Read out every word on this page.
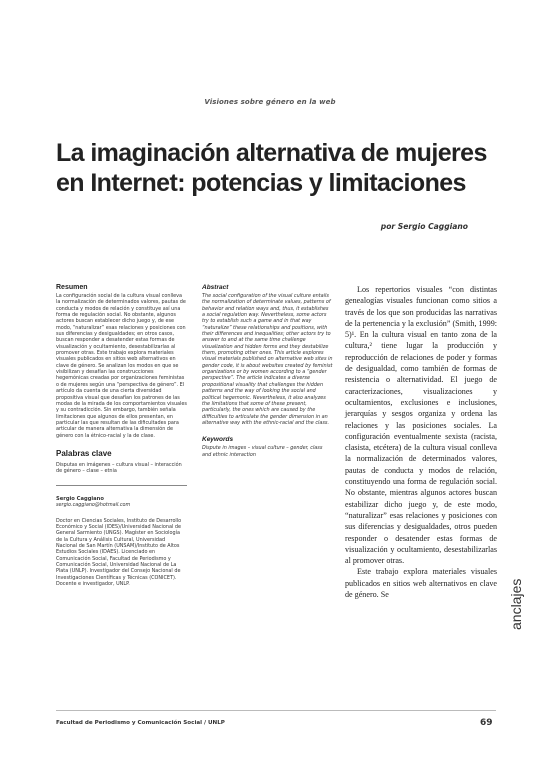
Visiones sobre género en la web
La imaginación alternativa de mujeres
en Internet: potencias y limitaciones
por Sergio Caggiano
Resumen

La configuración social de la cultura visual conlleva la normalización de determinados valores, pautas de conducta y modos de relación y constituye así una forma de regulación social. No obstante, algunos actores buscan establecer dicho juego y, de ese modo, “naturalizar” esas relaciones y posiciones con sus diferencias y desigualdades; en otros casos, buscan responder a desatender estas formas de visualización y ocultamiento, desestabilizarlas al promover otras. Este trabajo explora materiales visuales publicados en sitios web alternativos en clave de género. Se analizan los modos en que se visibilizan y desafían las construcciones hegemónicas creadas por organizaciones feministas o de mujeres según una “perspectiva de género”. El artículo da cuenta de una cierta diversidad propositiva visual que desafían los patrones de las modas de la mirada de los comportamientos visuales y su contradicción. Sin embargo, también señala limitaciones que algunos de ellos presentan, en particular las que resultan de las dificultades para articular de manera alternativa la dimensión de género con la étnico-racial y la de clase.

Palabras clave

Disputas en imágenes – cultura visual – interacción de género – clase – etnia

Sergio Caggiano
sergio.caggiano@hotmail.com

Doctor en Ciencias Sociales, Instituto de Desarrollo Económico y Social (IDES)/Universidad Nacional de General Sarmiento (UNGS). Magíster en Sociología de la Cultura y Análisis Cultural, Universidad Nacional de San Martín (UNSAM)/Instituto de Altos Estudios Sociales (IDAES). Licenciado en Comunicación Social, Facultad de Periodismo y Comunicación Social, Universidad Nacional de La Plata (UNLP). Investigador del Consejo Nacional de Investigaciones Científicas y Técnicas (CONICET). Docente e investigador, UNLP.

Abstract

The social configuration of the visual culture entails the normalization of determinate values, patterns of behavior and relation ways and, thus, it establishes a social regulation way. Nevertheless, some actors try to establish such a game and in that way “naturalize” these relationships and positions, with their differences and inequalities; other actors try to answer to and at the same time challenge visualization and hidden forms and they destabilize them, promoting other ones. This article explores visual materials published on alternative web sites in gender code, it is about websites created by feminist organizations or by women according to a “gender perspective”. The article indicates a diverse propositional visuality that challenges the hidden patterns and the way of looking the social and political hegemonic. Nevertheless, it also analyzes the limitations that some of these present, particularly, the ones which are caused by the difficulties to articulate the gender dimension in an alternative way with the ethnic-racial and the class.

Keywords

Dispute in images – visual culture – gender, class and ethnic interaction

Los repertorios visuales “con distintas genealogías visuales funcionan como sitios a través de los que son producidas las narrativas de la pertenencia y la exclusión” (Smith, 1999: 5)¹. En la cultura visual en tanto zona de la cultura,² tiene lugar la producción y reproducción de relaciones de poder y formas de desigualdad, como también de formas de resistencia o alternatividad. El juego de caracterizaciones, visualizaciones y ocultamientos, exclusiones e inclusiones, jerarquías y sesgos organiza y ordena las relaciones y las posiciones sociales. La configuración eventualmente sexista (racista, clasista, etcétera) de la cultura visual conlleva la normalización de determinados valores, pautas de conducta y modos de relación, constituyendo una forma de regulación social. No obstante, mientras algunos actores buscan estabilizar dicho juego y, de este modo, “naturalizar” esas relaciones y posiciones con sus diferencias y desigualdades, otros pueden responder o desatender estas formas de visualización y ocultamiento, desestabilizarlas al promover otras.

Este trabajo explora materiales visuales publicados en sitios web alternativos en clave de género. Se	anclajes
Facultad de Periodismo y Comunicación Social / UNLP	69
